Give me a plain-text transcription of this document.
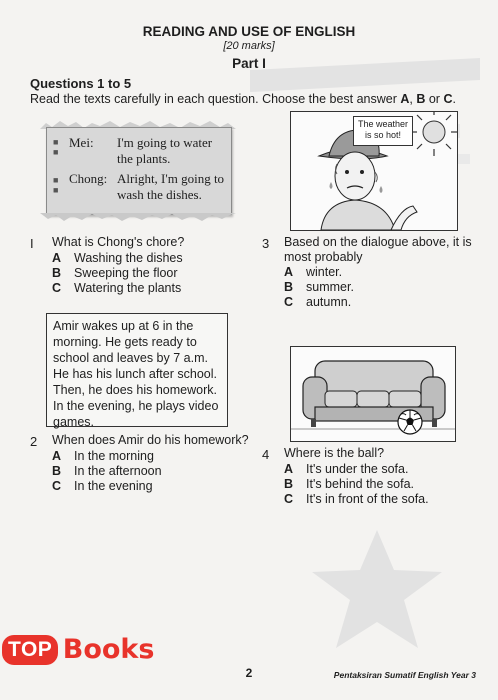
READING AND USE OF ENGLISH
[20 marks]
Part I
Questions 1 to 5
Read the texts carefully in each question. Choose the best answer A, B or C.
■
■
■
■
Mei: I'm going to water
the plants.
Chong: Alright, I'm going to
wash the dishes.
The weather
is so hot!
I What is Chong's chore?
A Washing the dishes
B Sweeping the floor
C Watering the plants
3 Based on the dialogue above, it is
most probably
A winter.
B summer.
C autumn.
Amir wakes up at 6 in the
morning. He gets ready to
school and leaves by 7 a.m.
He has his lunch after school.
Then, he does his homework.
In the evening, he plays video
games.
2 When does Amir do his homework?
A In the morning
B In the afternoon
C In the evening
4 Where is the ball?
A It's under the sofa.
B It's behind the sofa.
C It's in front of the sofa.
TOP Books
2	Pentaksiran Sumatif English Year 3
